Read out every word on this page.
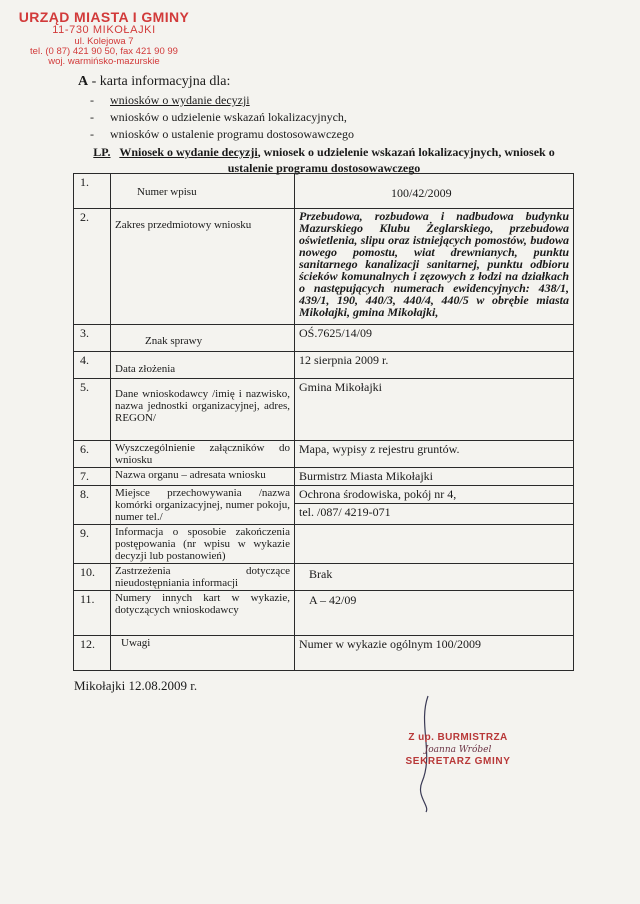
URZĄD MIASTA I GMINY
11-730 MIKOŁAJKI
ul. Kolejowa 7
tel. (0 87) 421 90 50, fax 421 90 99
woj. warmińsko-mazurskie
A - karta informacyjna dla:
- wniosków o wydanie decyzji
- wniosków o udzielenie wskazań lokalizacyjnych,
- wniosków o ustalenie programu dostosowawczego
LP. Wniosek o wydanie decyzji, wniosek o udzielenie wskazań lokalizacyjnych, wniosek o
ustalenie programu dostosowawczego
1.	Numer wpisu	100/42/2009

2.	Zakres przedmiotowy wniosku	Przebudowa, rozbudowa i nadbudowa budynku Mazurskiego Klubu Żeglarskiego, przebudowa oświetlenia, slipu oraz istniejących pomostów, budowa nowego pomostu, wiat drewnianych, punktu sanitarnego kanalizacji sanitarnej, punktu odbioru ścieków komunalnych i zęzowych z łodzi na działkach o następujących numerach ewidencyjnych: 438/1, 439/1, 190, 440/3, 440/4, 440/5 w obrębie miasta Mikołajki, gmina Mikołajki,
3.	Znak sprawy	OŚ.7625/14/09
4.	Data złożenia	12 sierpnia 2009 r.
5.	Dane wnioskodawcy /imię i nazwisko, nazwa jednostki organizacyjnej, adres, REGON/	Gmina Mikołajki
6.	Wyszczególnienie załączników do wniosku	Mapa, wypisy z rejestru gruntów.
7.	Nazwa organu – adresata wniosku	Burmistrz Miasta Mikołajki
8.	Miejsce przechowywania /nazwa komórki organizacyjnej, numer pokoju, numer tel./	Ochrona środowiska, pokój nr 4,
tel. /087/ 4219-071

9.	Informacja o sposobie zakończenia postępowania (nr wpisu w wykazie decyzji lub postanowień)	
10.	Zastrzeżenia dotyczące nieudostępniania informacji	Brak

11.	Numery innych kart w wykazie, dotyczących wnioskodawcy	A – 42/09

12.	Uwagi	Numer w wykazie ogólnym 100/2009
Mikołajki 12.08.2009 r.
Z up. BURMISTRZA
Joanna Wróbel
SEKRETARZ GMINY
